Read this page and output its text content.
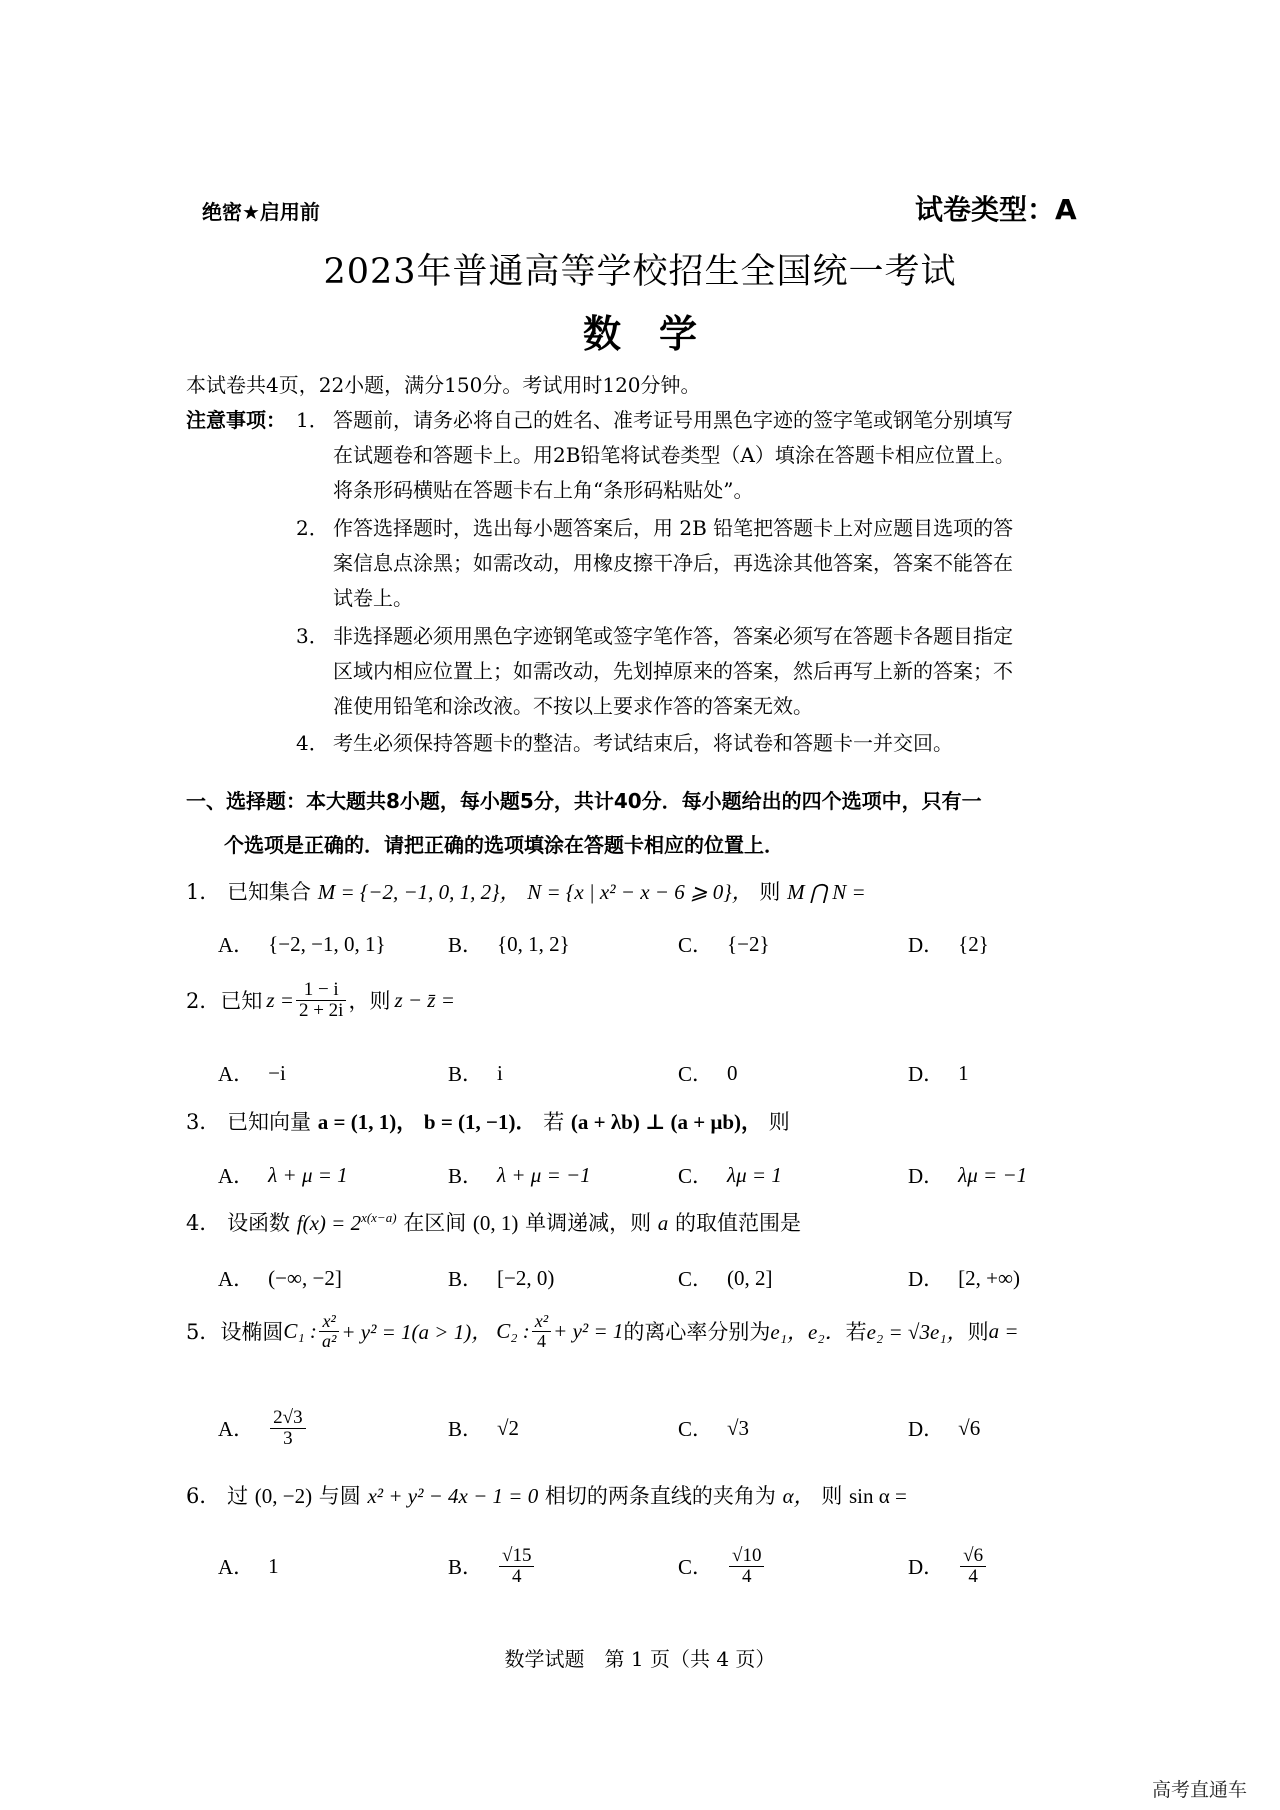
绝密★启用前	试卷类型：A
2023年普通高等学校招生全国统一考试
数　学
本试卷共4页，22小题，满分150分。考试用时120分钟。
注意事项： 1． 答题前，请务必将自己的姓名、准考证号用黑色字迹的签字笔或钢笔分别填写
在试题卷和答题卡上。用2B铅笔将试卷类型（A）填涂在答题卡相应位置上。
将条形码横贴在答题卡右上角“条形码粘贴处”。
2． 作答选择题时，选出每小题答案后，用 2B 铅笔把答题卡上对应题目选项的答
案信息点涂黑；如需改动，用橡皮擦干净后，再选涂其他答案，答案不能答在
试卷上。
3． 非选择题必须用黑色字迹钢笔或签字笔作答，答案必须写在答题卡各题目指定
区域内相应位置上；如需改动，先划掉原来的答案，然后再写上新的答案；不
准使用铅笔和涂改液。不按以上要求作答的答案无效。
4． 考生必须保持答题卡的整洁。考试结束后，将试卷和答题卡一并交回。
一、选择题：本大题共8小题，每小题5分，共计40分．每小题给出的四个选项中，只有一
个选项是正确的．请把正确的选项填涂在答题卡相应的位置上．
1． 已知集合 M = {−2, −1, 0, 1, 2}， N = {x | x² − x − 6 ⩾ 0}， 则 M ⋂ N =
A． {−2, −1, 0, 1}	B． {0, 1, 2}	C． {−2}	D． {2}
2． 已知 $z = \frac{1 - i}{2 + 2i}$ ，则 z − z̄ =
A． −i	B． i	C． 0	D． 1
3． 已知向量 a = (1, 1)， b = (1, −1)． 若 (a + λb) ⊥ (a + μb)， 则
A． λ + μ = 1	B． λ + μ = −1	C． λμ = 1	D． λμ = −1
4． 设函数 $f(x) = 2^{x(x-a)}$ 在区间 (0, 1) 单调递减，则 a 的取值范围是
A． (−∞, −2]	B． [−2, 0)	C． (0, 2]	D． [2, +∞)
5． 设椭圆 C₁ : $\frac{\text{x²}}{\text{a²}} + y^2 = 1(a > 1)$， C₂ : $\frac{\text{x²}}{4} + y^2 = 1$ 的离心率分别为 e₁，e₂． 若 e₂ = √3e₁， 则 a =
A． $\frac{2√3}{3}$	B． √2	C． √3	D． √6
6． 过 (0, −2) 与圆 x² + y² − 4x − 1 = 0 相切的两条直线的夹角为 α， 则 sin α =
A． 1	B． $\frac{√15}{4}$	C． $\frac{√10}{4}$	D． $\frac{√6}{4}$
数学试题　第 1 页（共 4 页）
高考直通车
